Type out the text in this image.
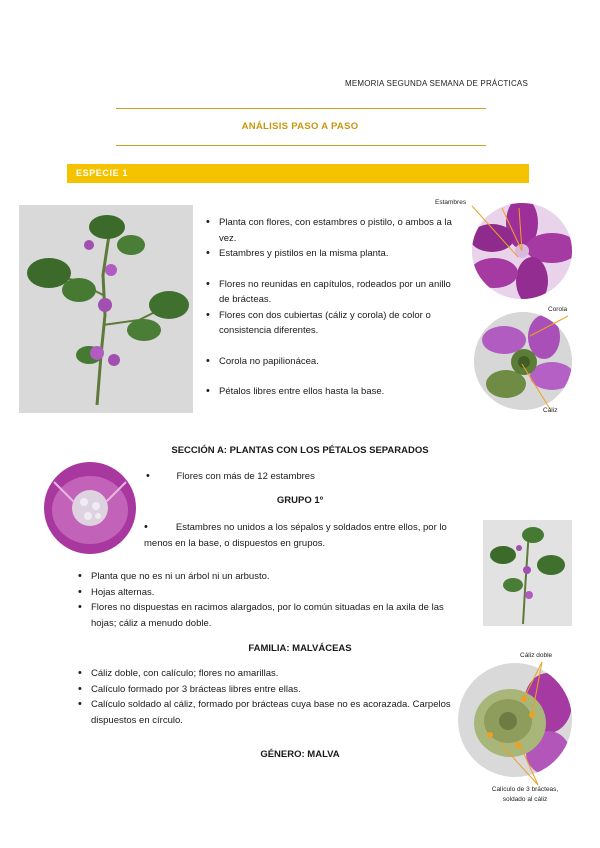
MEMORIA SEGUNDA SEMANA DE PRÁCTICAS
ANÁLISIS PASO A PASO
ESPECIE 1
• Planta con flores, con estambres o pistilo, o ambos a la vez.
• Estambres y pistilos en la misma planta.
• Flores no reunidas en capítulos, rodeados por un anillo de brácteas.
• Flores con dos cubiertas (cáliz y corola) de color o consistencia diferentes.
• Corola no papilionácea.
• Pétalos libres entre ellos hasta la base.
Estambres
Corola
Cáliz
SECCIÓN A: PLANTAS CON LOS PÉTALOS SEPARADOS
•	Flores con más de 12 estambres
GRUPO 1º
•	Estambres no unidos a los sépalos y soldados entre ellos, por lo menos en la base, o dispuestos en grupos.
• Planta que no es ni un árbol ni un arbusto.
• Hojas alternas.
• Flores no dispuestas en racimos alargados, por lo común situadas en la axila de las hojas; cáliz a menudo doble.
FAMILIA: MALVÁCEAS
• Cáliz doble, con calículo; flores no amarillas.
• Calículo formado por 3 brácteas libres entre ellas.
• Calículo soldado al cáliz, formado por brácteas cuya base no es acorazada. Carpelos dispuestos en círculo.
GÉNERO: MALVA
Cáliz doble
Calículo de 3 brácteas,
soldado al cáliz
